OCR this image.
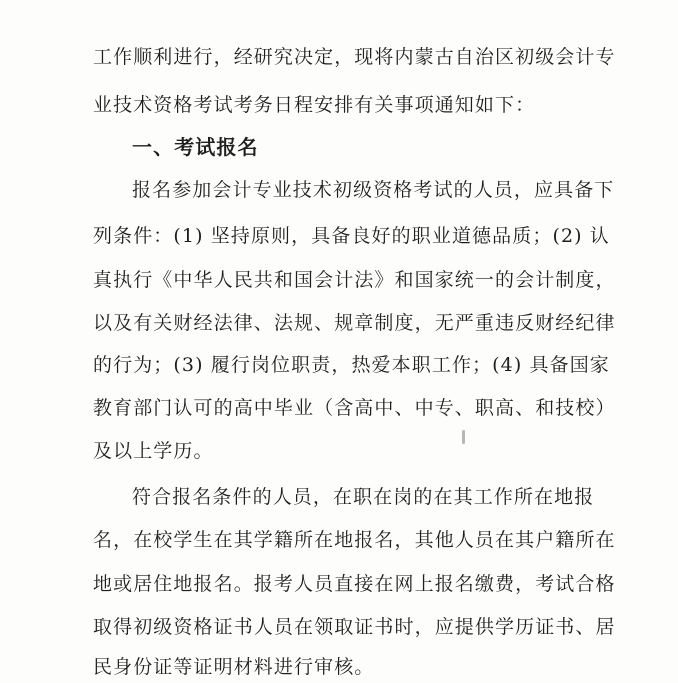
工作顺利进行，经研究决定，现将内蒙古自治区初级会计专
业技术资格考试考务日程安排有关事项通知如下：
一、考试报名
报名参加会计专业技术初级资格考试的人员，应具备下
列条件：(1) 坚持原则，具备良好的职业道德品质；(2) 认
真执行《中华人民共和国会计法》和国家统一的会计制度，
以及有关财经法律、法规、规章制度，无严重违反财经纪律
的行为；(3) 履行岗位职责，热爱本职工作；(4) 具备国家
教育部门认可的高中毕业（含高中、中专、职高、和技校）
及以上学历。
符合报名条件的人员，在职在岗的在其工作所在地报
名，在校学生在其学籍所在地报名，其他人员在其户籍所在
地或居住地报名。报考人员直接在网上报名缴费，考试合格
取得初级资格证书人员在领取证书时，应提供学历证书、居
民身份证等证明材料进行审核。
